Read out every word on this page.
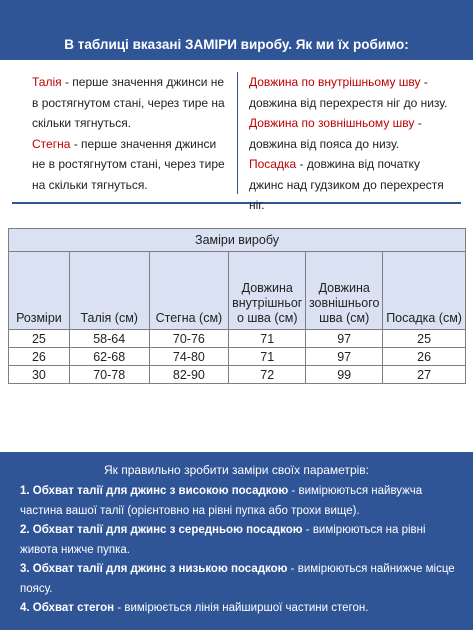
В таблиці вказані ЗАМІРИ виробу. Як ми їх робимо:
Талія - перше значення джинси не в ростягнутом стані, через тире на скільки тягнуться.
Стегна - перше значення джинси не в ростягнутом стані, через тире на скільки тягнуться.
Довжина по внутрішньому шву - довжина від перехрестя ніг до низу.
Довжина по зовнішньому шву - довжина від пояса до низу.
Посадка - довжина від початку джинс над гудзиком до перехрестя ніг.
Заміри виробу					
Розміри	Талія (см)	Стегна (см)	Довжина внутрішньог о шва (см)	Довжина зовнішнього шва (см)	Посадка (см)
25	58-64	70-76	71	97	25
26	62-68	74-80	71	97	26
30	70-78	82-90	72	99	27
Як правильно зробити заміри своїх параметрів:

1. Обхват талії для джинс з високою посадкою - вимірюються найвужча частина вашої талії (орієнтовно на рівні пупка або трохи вище).

2. Обхват талії для джинс з середньою посадкою - вимірюються на рівні живота нижче пупка.

3. Обхват талії для джинс з низькою посадкою - вимірюються найнижче місце поясу.

4. Обхват стегон - вимірюється лінія найширшої частини стегон.
